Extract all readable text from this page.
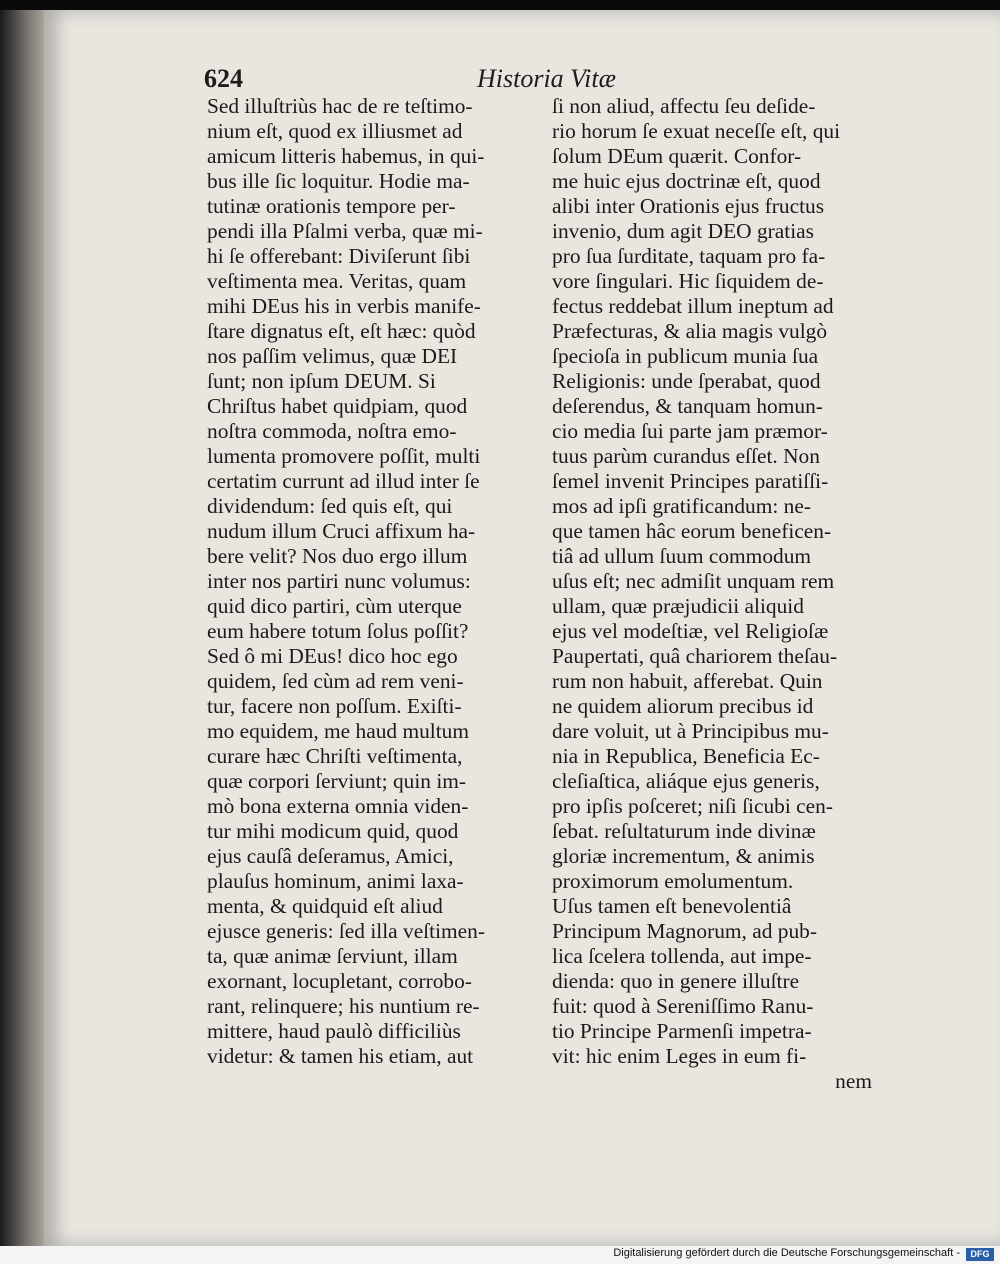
624	Historia Vitæ
Sed illuſtriùs hac de re teſtimo-
nium eſt, quod ex illiusmet ad
amicum litteris habemus, in qui-
bus ille ſic loquitur. Hodie ma-
tutinæ orationis tempore per-
pendi illa Pſalmi verba, quæ mi-
hi ſe offerebant: Diviſerunt ſibi
veſtimenta mea. Veritas, quam
mihi DEus his in verbis manife-
ſtare dignatus eſt, eſt hæc: quòd
nos paſſim velimus, quæ DEI
ſunt; non ipſum DEUM. Si
Chriſtus habet quidpiam, quod
noſtra commoda, noſtra emo-
lumenta promovere poſſit, multi
certatim currunt ad illud inter ſe
dividendum: ſed quis eſt, qui
nudum illum Cruci affixum ha-
bere velit? Nos duo ergo illum
inter nos partiri nunc volumus:
quid dico partiri, cùm uterque
eum habere totum ſolus poſſit?
Sed ô mi DEus! dico hoc ego
quidem, ſed cùm ad rem veni-
tur, facere non poſſum. Exiſti-
mo equidem, me haud multum
curare hæc Chriſti veſtimenta,
quæ corpori ſerviunt; quin im-
mò bona externa omnia viden-
tur mihi modicum quid, quod
ejus cauſâ deſeramus, Amici,
plauſus hominum, animi laxa-
menta, & quidquid eſt aliud
ejusce generis: ſed illa veſtimen-
ta, quæ animæ ſerviunt, illam
exornant, locupletant, corrobo-
rant, relinquere; his nuntium re-
mittere, haud paulò difficiliùs
videtur: & tamen his etiam, aut
ſi non aliud, affectu ſeu deſide-
rio horum ſe exuat neceſſe eſt, qui
ſolum DEum quærit. Confor-
me huic ejus doctrinæ eſt, quod
alibi inter Orationis ejus fructus
invenio, dum agit DEO gratias
pro ſua ſurditate, taquam pro fa-
vore ſingulari. Hic ſiquidem de-
fectus reddebat illum ineptum ad
Præfecturas, & alia magis vulgò
ſpecioſa in publicum munia ſua
Religionis: unde ſperabat, quod
deſerendus, & tanquam homun-
cio media ſui parte jam præmor-
tuus parùm curandus eſſet. Non
ſemel invenit Principes paratiſſi-
mos ad ipſi gratificandum: ne-
que tamen hâc eorum beneficen-
tiâ ad ullum ſuum commodum
uſus eſt; nec admiſit unquam rem
ullam, quæ præjudicii aliquid
ejus vel modeſtiæ, vel Religioſæ
Paupertati, quâ chariorem theſau-
rum non habuit, afferebat. Quin
ne quidem aliorum precibus id
dare voluit, ut à Principibus mu-
nia in Republica, Beneficia Ec-
cleſiaſtica, aliáque ejus generis,
pro ipſis poſceret; niſi ſicubi cen-
ſebat. reſultaturum inde divinæ
gloriæ incrementum, & animis
proximorum emolumentum.
Uſus tamen eſt benevolentiâ
Principum Magnorum, ad pub-
lica ſcelera tollenda, aut impe-
dienda: quo in genere illuſtre
fuit: quod à Sereniſſimo Ranu-
tio Principe Parmenſi impetra-
vit: hic enim Leges in eum fi-
nem
Digitalisierung gefördert durch die Deutsche Forschungsgemeinschaft -	DFG
